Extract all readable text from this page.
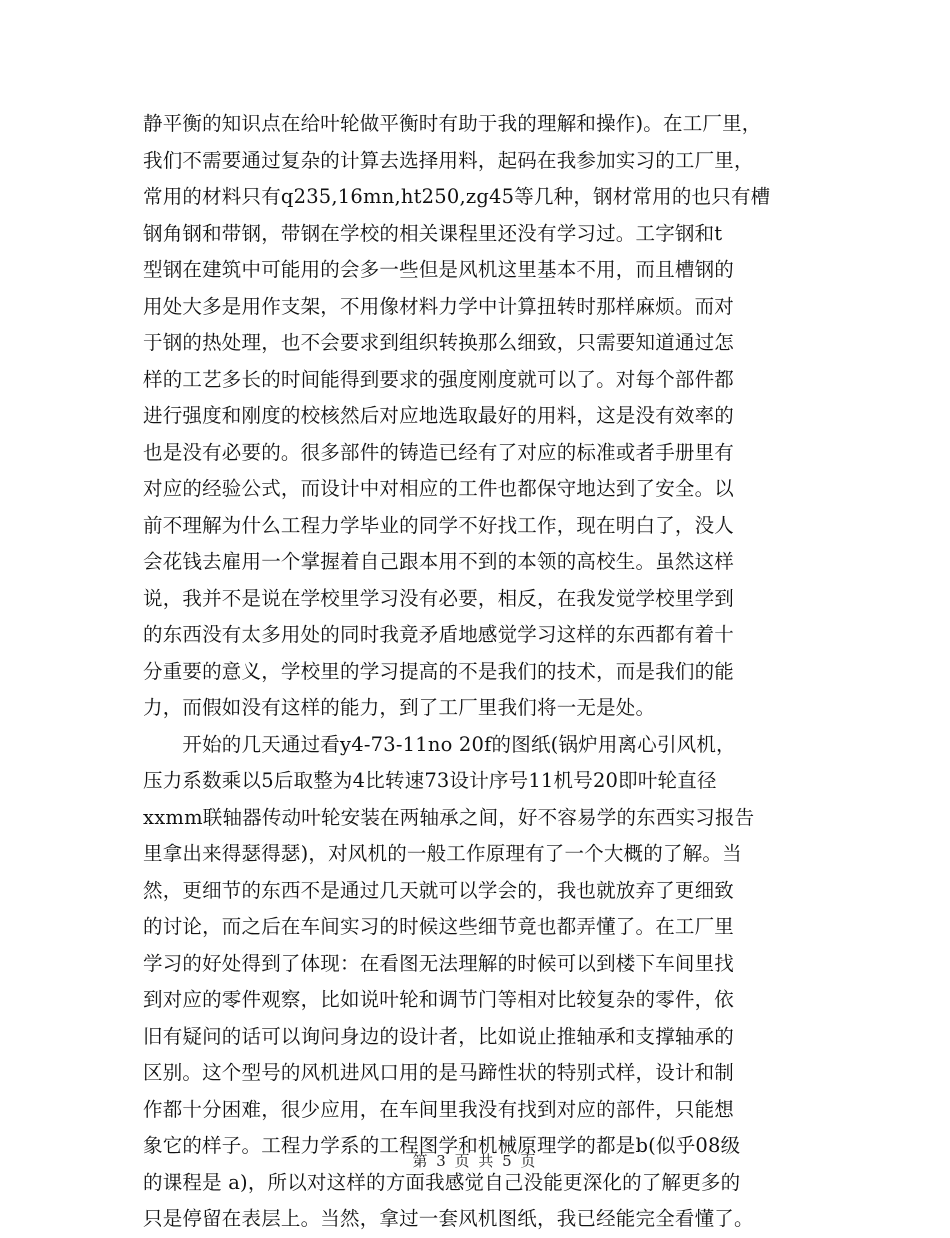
静平衡的知识点在给叶轮做平衡时有助于我的理解和操作)。在工厂里，
我们不需要通过复杂的计算去选择用料，起码在我参加实习的工厂里，
常用的材料只有q235,16mn,ht250,zg45等几种，钢材常用的也只有槽
钢角钢和带钢，带钢在学校的相关课程里还没有学习过。工字钢和t
型钢在建筑中可能用的会多一些但是风机这里基本不用，而且槽钢的
用处大多是用作支架，不用像材料力学中计算扭转时那样麻烦。而对
于钢的热处理，也不会要求到组织转换那么细致，只需要知道通过怎
样的工艺多长的时间能得到要求的强度刚度就可以了。对每个部件都
进行强度和刚度的校核然后对应地选取最好的用料，这是没有效率的
也是没有必要的。很多部件的铸造已经有了对应的标准或者手册里有
对应的经验公式，而设计中对相应的工件也都保守地达到了安全。以
前不理解为什么工程力学毕业的同学不好找工作，现在明白了，没人
会花钱去雇用一个掌握着自己跟本用不到的本领的高校生。虽然这样
说，我并不是说在学校里学习没有必要，相反，在我发觉学校里学到
的东西没有太多用处的同时我竟矛盾地感觉学习这样的东西都有着十
分重要的意义，学校里的学习提高的不是我们的技术，而是我们的能
力，而假如没有这样的能力，到了工厂里我们将一无是处。
　　开始的几天通过看y4-73-11no 20f的图纸(锅炉用离心引风机，
压力系数乘以5后取整为4比转速73设计序号11机号20即叶轮直径
xxmm联轴器传动叶轮安装在两轴承之间，好不容易学的东西实习报告
里拿出来得瑟得瑟)，对风机的一般工作原理有了一个大概的了解。当
然，更细节的东西不是通过几天就可以学会的，我也就放弃了更细致
的讨论，而之后在车间实习的时候这些细节竟也都弄懂了。在工厂里
学习的好处得到了体现：在看图无法理解的时候可以到楼下车间里找
到对应的零件观察，比如说叶轮和调节门等相对比较复杂的零件，依
旧有疑问的话可以询问身边的设计者，比如说止推轴承和支撑轴承的
区别。这个型号的风机进风口用的是马蹄性状的特别式样，设计和制
作都十分困难，很少应用，在车间里我没有找到对应的部件，只能想
象它的样子。工程力学系的工程图学和机械原理学的都是b(似乎08级
的课程是 a)，所以对这样的方面我感觉自己没能更深化的了解更多的
只是停留在表层上。当然，拿过一套风机图纸，我已经能完全看懂了。
第 3 页 共 5 页
